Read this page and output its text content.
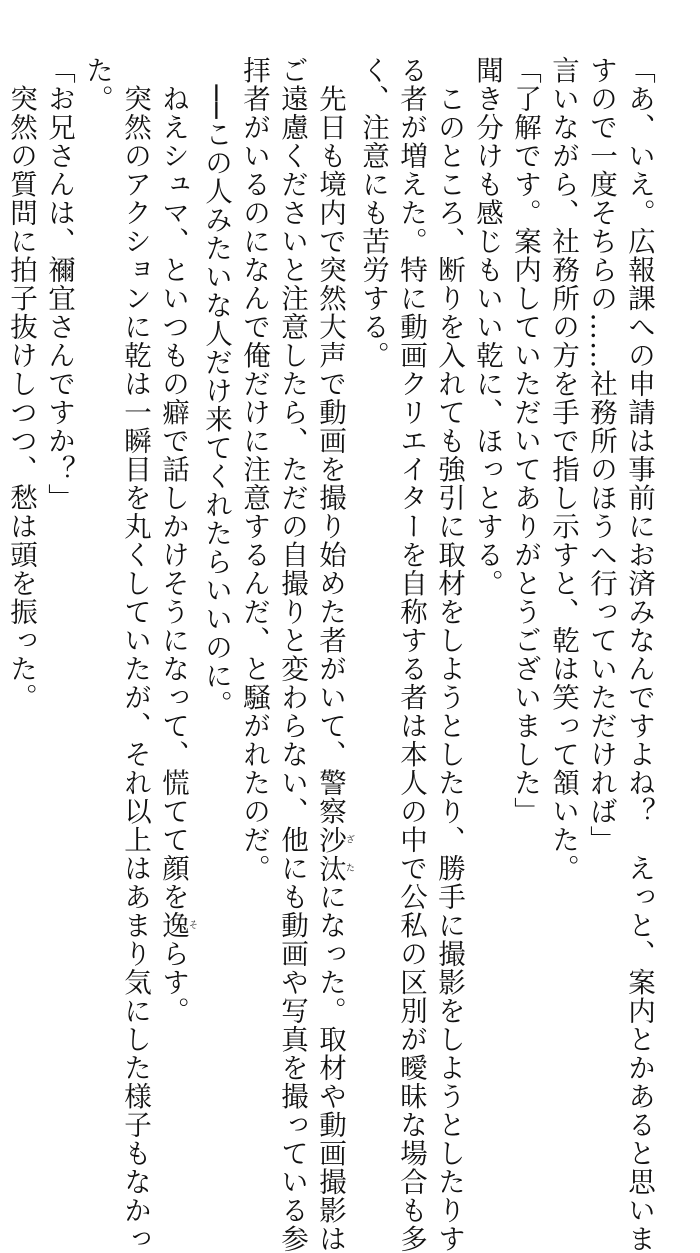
「あ、いえ。広報課への申請は事前にお済みなんですよね？　えっと、案内とかあると思いま
すので一度そちらの……社務所のほうへ行っていただければ」
言いながら、社務所の方を手で指し示すと、乾は笑って頷いた。
「了解です。案内していただいてありがとうございました」
聞き分けも感じもいい乾に、ほっとする。
　このところ、断りを入れても強引に取材をしようとしたり、勝手に撮影をしようとしたりす
る者が増えた。特に動画クリエイターを自称する者は本人の中で公私の区別が曖昧な場合も多
く、注意にも苦労する。
　先日も境内で突然大声で動画を撮り始めた者がいて、警察沙ざ汰たになった。取材や動画撮影は
ご遠慮くださいと注意したら、ただの自撮りと変わらない、他にも動画や写真を撮っている参
拝者がいるのになんで俺だけに注意するんだ、と騒がれたのだ。
　──この人みたいな人だけ来てくれたらいいのに。
　ねえシュマ、といつもの癖で話しかけそうになって、慌てて顔を逸そらす。
　突然のアクションに乾は一瞬目を丸くしていたが、それ以上はあまり気にした様子もなかっ
た。
「お兄さんは、禰宜さんですか？」
　突然の質問に拍子抜けしつつ、愁は頭を振った。
